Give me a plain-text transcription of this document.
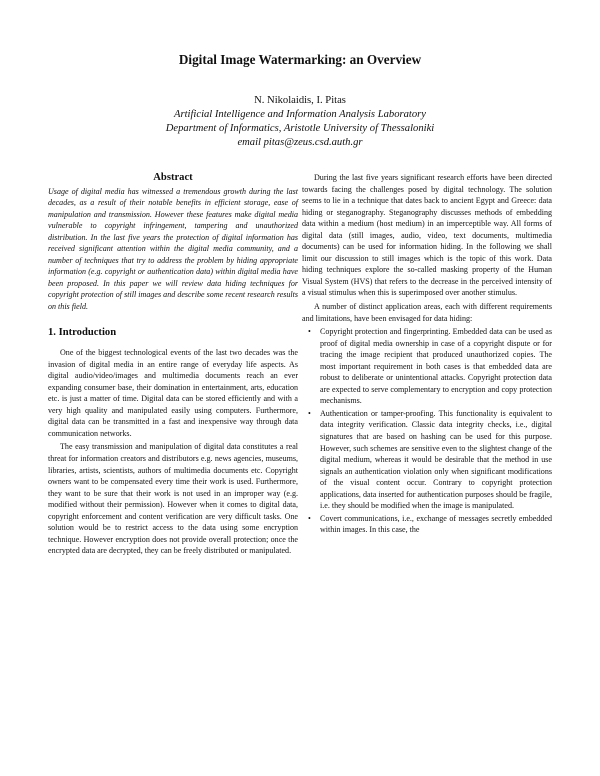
Digital Image Watermarking: an Overview
N. Nikolaidis, I. Pitas
Artificial Intelligence and Information Analysis Laboratory
Department of Informatics, Aristotle University of Thessaloniki
email pitas@zeus.csd.auth.gr
Abstract
Usage of digital media has witnessed a tremendous growth during the last decades, as a result of their notable benefits in efficient storage, ease of manipulation and transmission. However these features make digital media vulnerable to copyright infringement, tampering and unauthorized distribution. In the last five years the protection of digital information has received significant attention within the digital media community, and a number of techniques that try to address the problem by hiding appropriate information (e.g. copyright or authentication data) within digital media have been proposed. In this paper we will review data hiding techniques for copyright protection of still images and describe some recent research results on this field.
1. Introduction

One of the biggest technological events of the last two decades was the invasion of digital media in an entire range of everyday life aspects. As digital audio/video/images and multimedia documents reach an ever expanding consumer base, their domination in entertainment, arts, education etc. is just a matter of time. Digital data can be stored efficiently and with a very high quality and manipulated easily using computers. Furthermore, digital data can be transmitted in a fast and inexpensive way through data communication networks.

The easy transmission and manipulation of digital data constitutes a real threat for information creators and distributors e.g. news agencies, museums, libraries, artists, scientists, authors of multimedia documents etc. Copyright owners want to be compensated every time their work is used. Furthermore, they want to be sure that their work is not used in an improper way (e.g. modified without their permission). However when it comes to digital data, copyright enforcement and content verification are very difficult tasks. One solution would be to restrict access to the data using some encryption technique. However encryption does not provide overall protection; once the encrypted data are decrypted, they can be freely distributed or manipulated.

During the last five years significant research efforts have been directed towards facing the challenges posed by digital technology. The solution seems to lie in a technique that dates back to ancient Egypt and Greece: data hiding or steganography. Steganography discusses methods of embedding data within a medium (host medium) in an imperceptible way. All forms of digital data (still images, audio, video, text documents, multimedia documents) can be used for information hiding. In the following we shall limit our discussion to still images which is the topic of this work. Data hiding techniques explore the so-called masking property of the Human Visual System (HVS) that refers to the decrease in the perceived intensity of a visual stimulus when this is superimposed over another stimulus.

A number of distinct application areas, each with different requirements and limitations, have been envisaged for data hiding:

• Copyright protection and fingerprinting. Embedded data can be used as proof of digital media ownership in case of a copyright dispute or for tracing the image recipient that produced unauthorized copies. The most important requirement in both cases is that embedded data are robust to deliberate or unintentional attacks. Copyright protection data are expected to serve complementary to encryption and copy protection mechanisms.
• Authentication or tamper-proofing. This functionality is equivalent to data integrity verification. Classic data integrity checks, i.e., digital signatures that are based on hashing can be used for this purpose. However, such schemes are sensitive even to the slightest change of the digital medium, whereas it would be desirable that the method in use signals an authentication violation only when significant modifications of the visual content occur. Contrary to copyright protection applications, data inserted for authentication purposes should be fragile, i.e. they should be modified when the image is manipulated.
• Covert communications, i.e., exchange of messages secretly embedded within images. In this case, the
